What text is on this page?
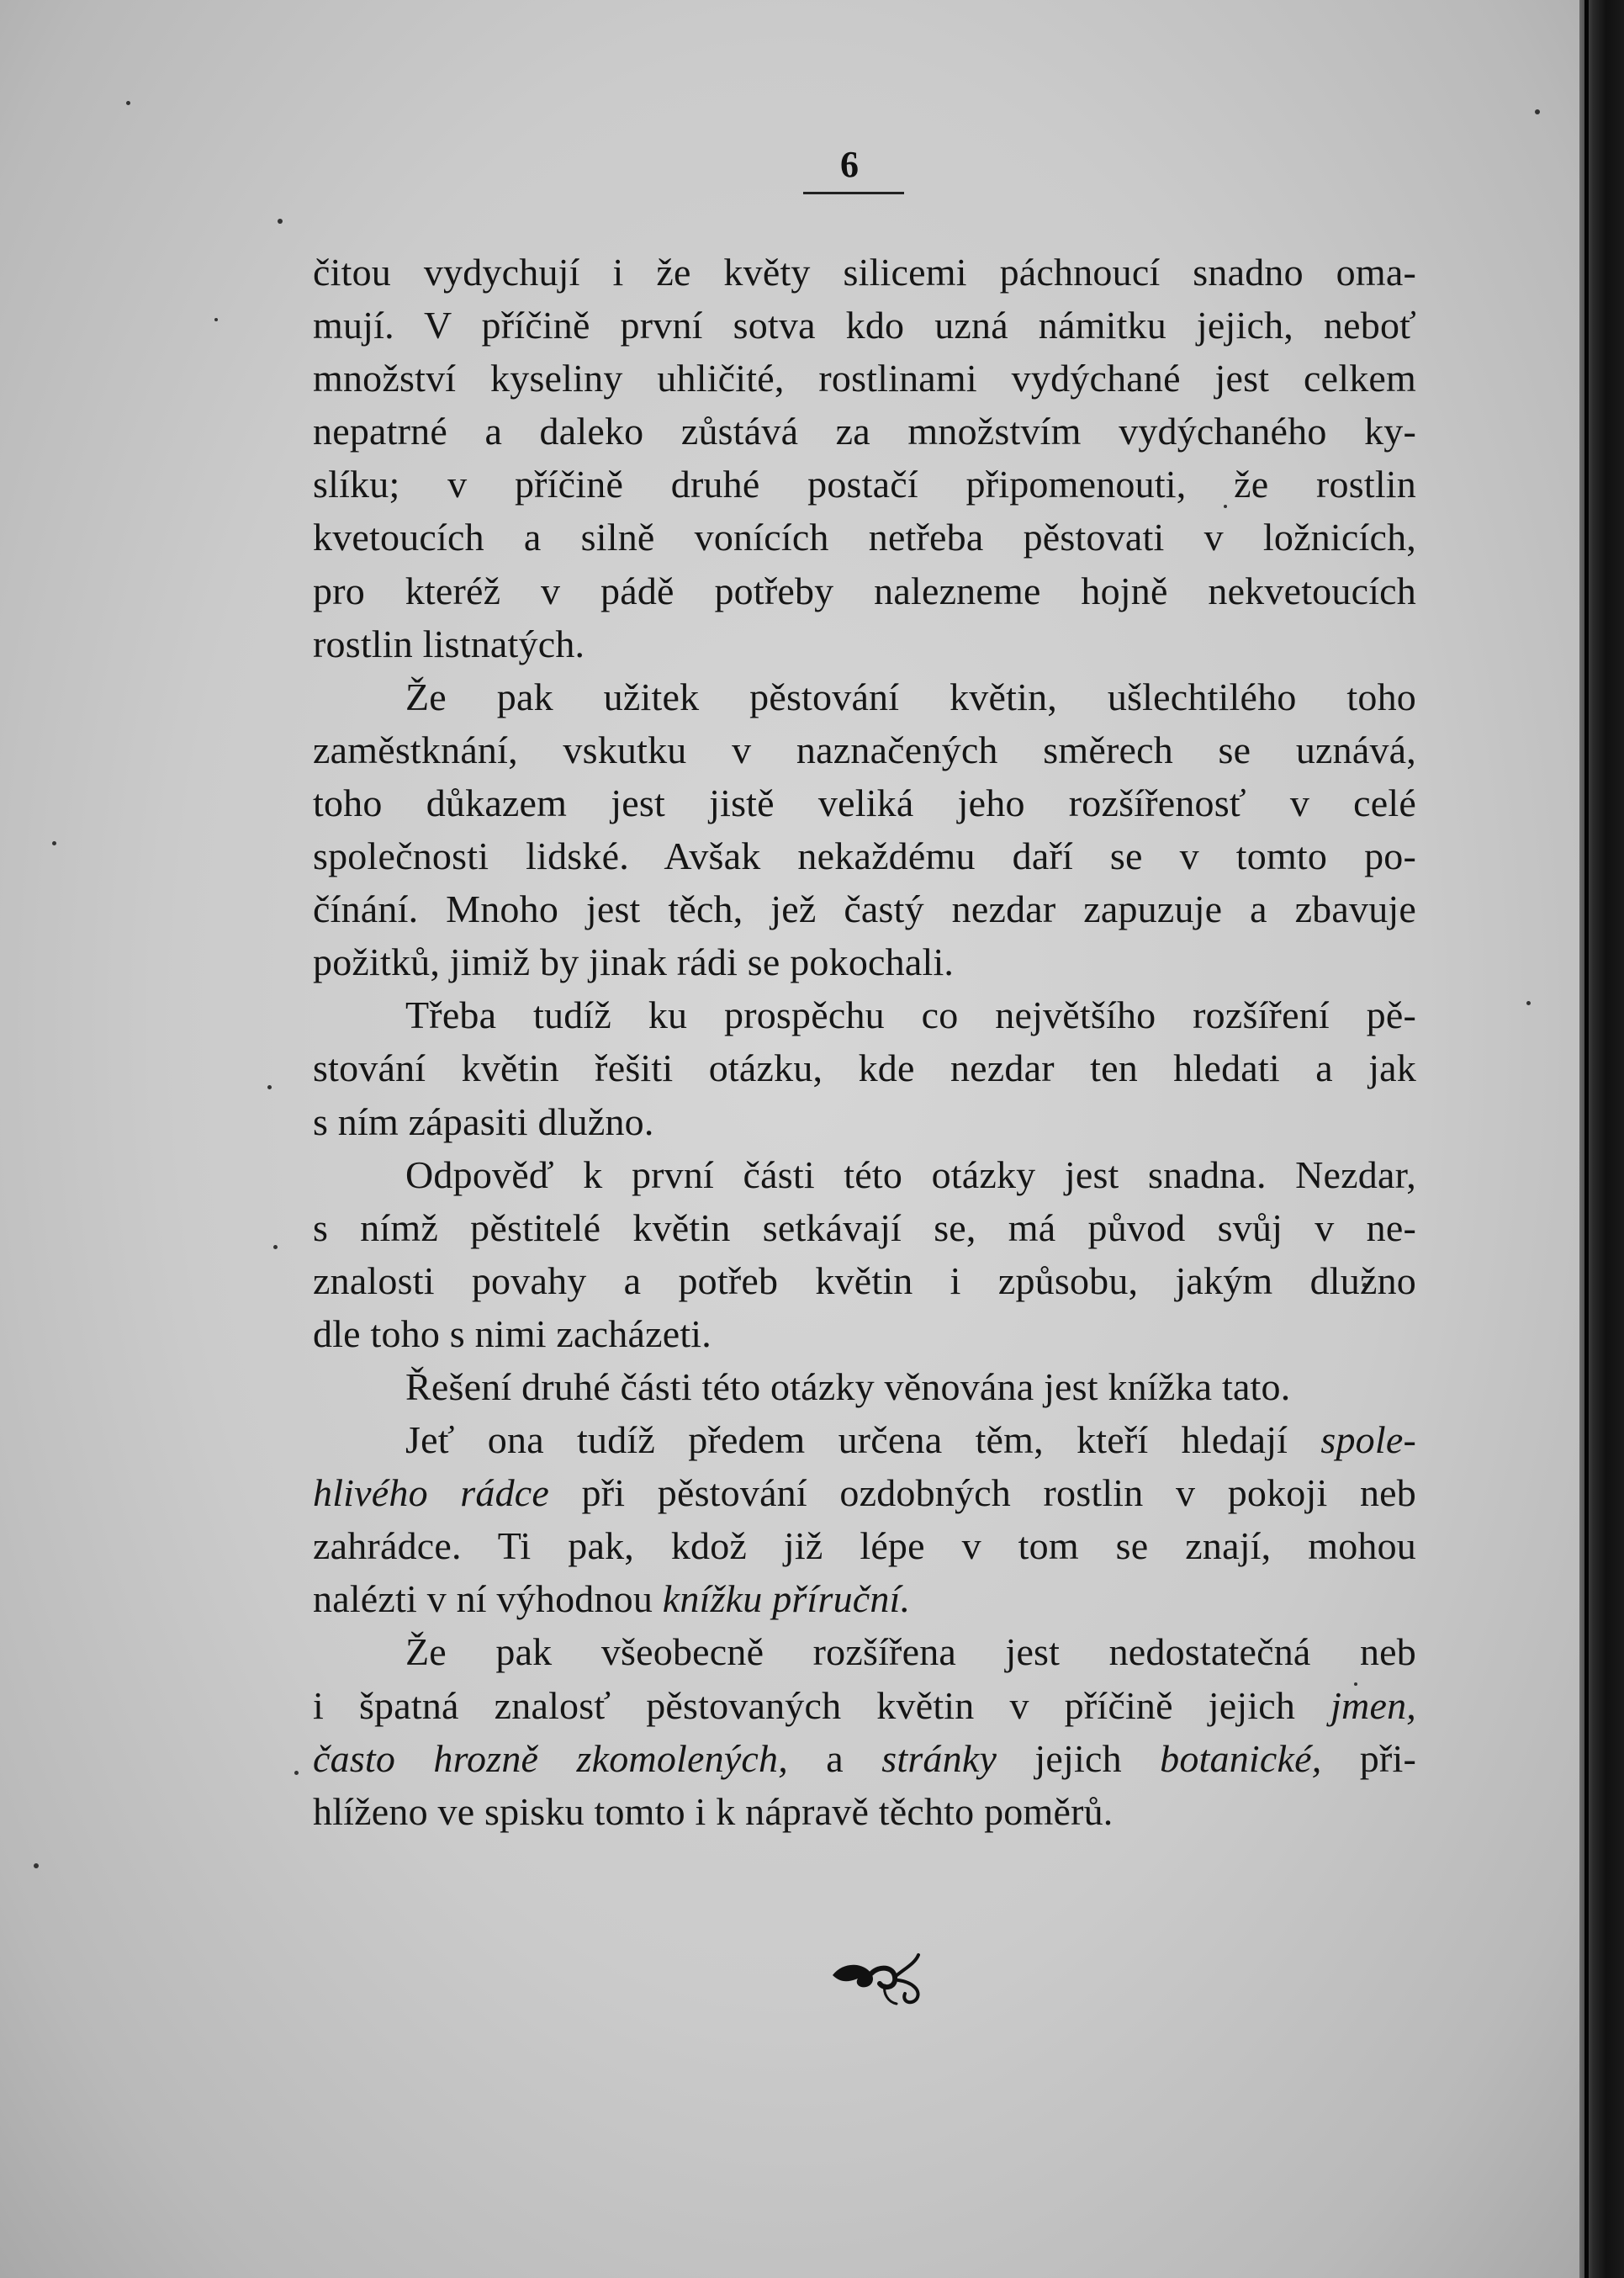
6
čitou vydychují i že květy silicemi páchnoucí snadno oma-
mují. V příčině první sotva kdo uzná námitku jejich, neboť
množství kyseliny uhličité, rostlinami vydýchané jest celkem
nepatrné a daleko zůstává za množstvím vydýchaného ky-
slíku; v příčině druhé postačí připomenouti, že rostlin
kvetoucích a silně vonících netřeba pěstovati v ložnicích,
pro kteréž v pádě potřeby nalezneme hojně nekvetoucích
rostlin listnatých.
Že pak užitek pěstování květin, ušlechtilého toho
zaměstknání, vskutku v naznačených směrech se uznává,
toho důkazem jest jistě veliká jeho rozšířenosť v celé
společnosti lidské. Avšak nekaždému daří se v tomto po-
čínání. Mnoho jest těch, jež častý nezdar zapuzuje a zbavuje
požitků, jimiž by jinak rádi se pokochali.
Třeba tudíž ku prospěchu co největšího rozšíření pě-
stování květin řešiti otázku, kde nezdar ten hledati a jak
s ním zápasiti dlužno.
Odpověď k první části této otázky jest snadna. Nezdar,
s nímž pěstitelé květin setkávají se, má původ svůj v ne-
znalosti povahy a potřeb květin i způsobu, jakým dlužno
dle toho s nimi zacházeti.
Řešení druhé části této otázky věnována jest knížka tato.
Jeť ona tudíž předem určena těm, kteří hledají spole-
hlivého rádce při pěstování ozdobných rostlin v pokoji neb
zahrádce. Ti pak, kdož již lépe v tom se znají, mohou
nalézti v ní výhodnou knížku příruční.
Že pak všeobecně rozšířena jest nedostatečná neb
i špatná znalosť pěstovaných květin v příčině jejich jmen,
často hrozně zkomolených, a stránky jejich botanické, při-
hlíženo ve spisku tomto i k nápravě těchto poměrů.
